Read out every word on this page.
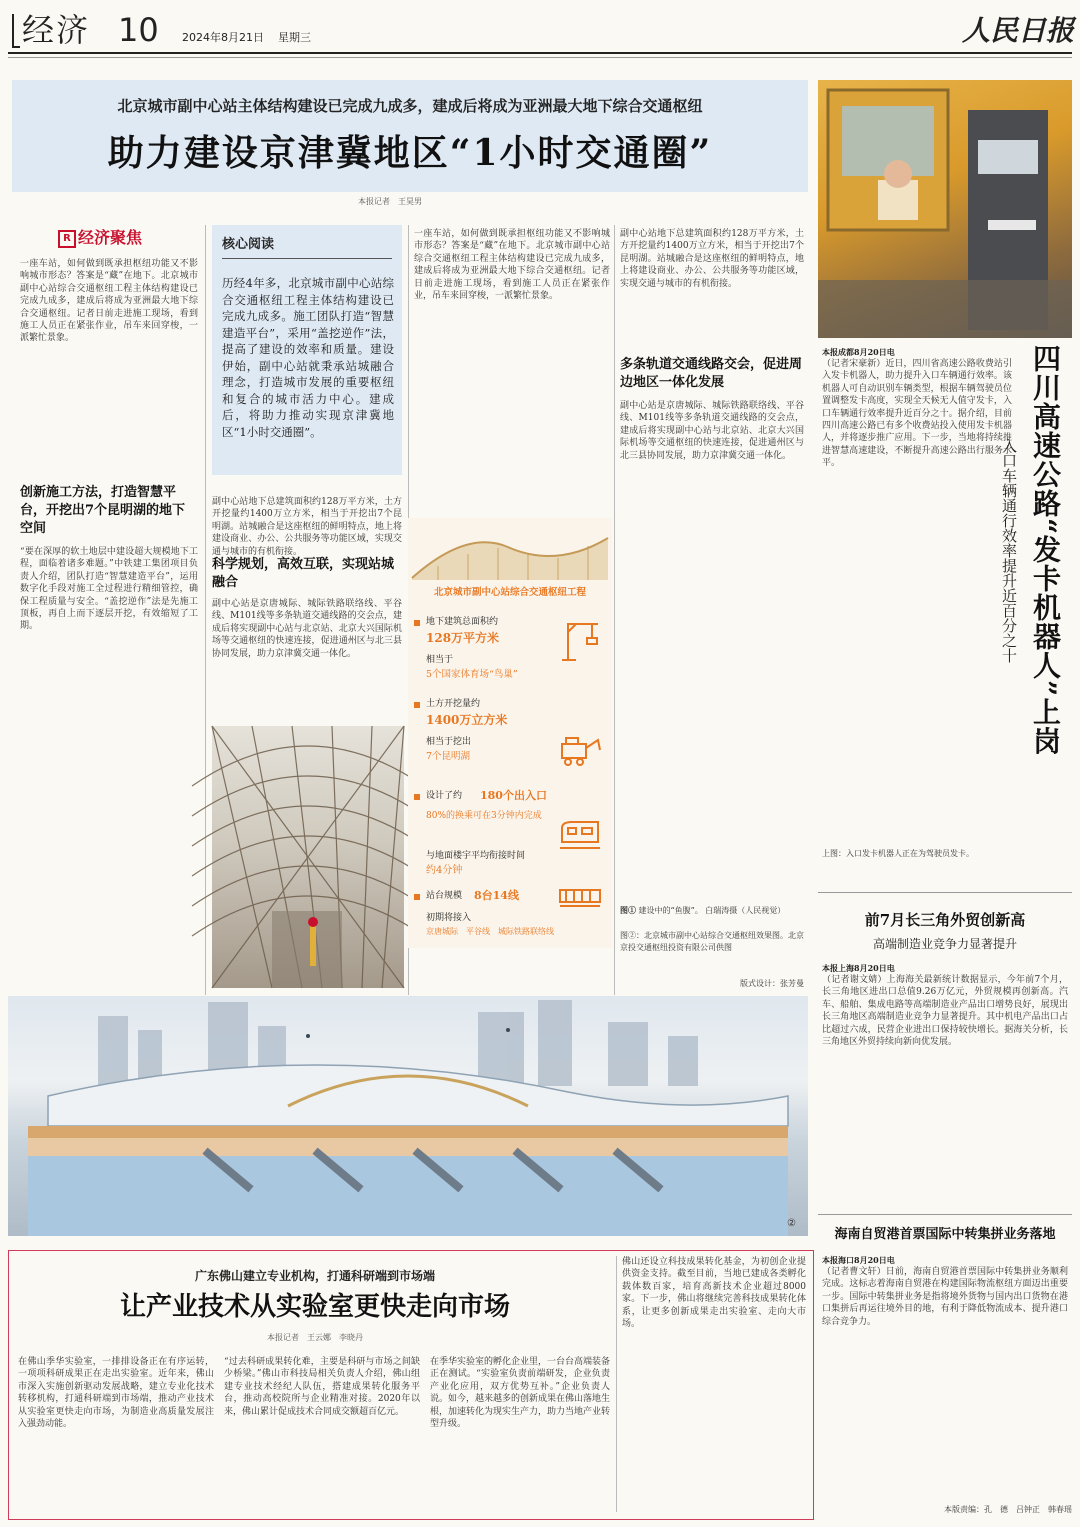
经济 10 2024年8月21日 星期三	人民日报
北京城市副中心站主体结构建设已完成九成多，建成后将成为亚洲最大地下综合交通枢纽
助力建设京津冀地区“1小时交通圈”
本报记者　王昊男
R 经济聚焦
一座车站，如何做到既承担枢纽功能又不影响城市形态？答案是“藏”在地下。北京城市副中心站综合交通枢纽工程主体结构建设已完成九成多，建成后将成为亚洲最大地下综合交通枢纽。记者日前走进施工现场，看到施工人员正在紧张作业，吊车来回穿梭，一派繁忙景象。
创新施工方法，打造智慧平台，开挖出7个昆明湖的地下空间
“要在深厚的软土地层中建设超大规模地下工程，面临着诸多难题。”中铁建工集团项目负责人介绍，团队打造“智慧建造平台”，运用数字化手段对施工全过程进行精细管控，确保工程质量与安全。“盖挖逆作”法是先施工顶板，再自上而下逐层开挖，有效缩短了工期。
核心阅读
历经4年多，北京城市副中心站综合交通枢纽工程主体结构建设已完成九成多。施工团队打造“智慧建造平台”，采用“盖挖逆作”法，提高了建设的效率和质量。建设伊始，副中心站就秉承站城融合理念，打造城市发展的重要枢纽和复合的城市活力中心。建成后，将助力推动实现京津冀地区“1小时交通圈”。
副中心站地下总建筑面积约128万平方米，土方开挖量约1400万立方米，相当于开挖出7个昆明湖。站城融合是这座枢纽的鲜明特点，地上将建设商业、办公、公共服务等功能区域，实现交通与城市的有机衔接。
科学规划，高效互联，实现站城融合
副中心站是京唐城际、城际铁路联络线、平谷线、M101线等多条轨道交通线路的交会点，建成后将实现副中心站与北京站、北京大兴国际机场等交通枢纽的快速连接，促进通州区与北三县协同发展，助力京津冀交通一体化。
一座车站，如何做到既承担枢纽功能又不影响城市形态？答案是“藏”在地下。北京城市副中心站综合交通枢纽工程主体结构建设已完成九成多，建成后将成为亚洲最大地下综合交通枢纽。记者日前走进施工现场，看到施工人员正在紧张作业，吊车来回穿梭，一派繁忙景象。
副中心站地下总建筑面积约128万平方米，土方开挖量约1400万立方米，相当于开挖出7个昆明湖。站城融合是这座枢纽的鲜明特点，地上将建设商业、办公、公共服务等功能区域，实现交通与城市的有机衔接。
多条轨道交通线路交会，促进周边地区一体化发展
副中心站是京唐城际、城际铁路联络线、平谷线、M101线等多条轨道交通线路的交会点，建成后将实现副中心站与北京站、北京大兴国际机场等交通枢纽的快速连接，促进通州区与北三县协同发展，助力京津冀交通一体化。
图① 建设中的“鱼腹”。 白瑞涛摄（人民视觉）
图②：北京城市副中心站综合交通枢纽效果图。北京京投交通枢纽投资有限公司供图
版式设计：张芳曼
北京城市副中心站综合交通枢纽工程
地下建筑总面积约
128万平方米
相当于
5个国家体育场“鸟巢”
土方开挖量约
1400万立方米
相当于挖出
7个昆明湖
设计了约	180个出入口
80%的换乘可在3分钟内完成
与地面楼宇平均衔接时间
约4分钟
站台规模	8台14线
初期将接入
京唐城际　平谷线　城际铁路联络线
②
广东佛山建立专业机构，打通科研端到市场端
让产业技术从实验室更快走向市场
本报记者　王云娜　李晓丹
在佛山季华实验室，一排排设备正在有序运转，一项项科研成果正在走出实验室。近年来，佛山市深入实施创新驱动发展战略，建立专业化技术转移机构，打通科研端到市场端，推动产业技术从实验室更快走向市场，为制造业高质量发展注入强劲动能。
“过去科研成果转化难，主要是科研与市场之间缺少桥梁。”佛山市科技局相关负责人介绍，佛山组建专业技术经纪人队伍，搭建成果转化服务平台，推动高校院所与企业精准对接。2020年以来，佛山累计促成技术合同成交额超百亿元。
在季华实验室的孵化企业里，一台台高端装备正在测试。“实验室负责前端研发，企业负责产业化应用，双方优势互补。”企业负责人说。如今，越来越多的创新成果在佛山落地生根，加速转化为现实生产力，助力当地产业转型升级。
佛山还设立科技成果转化基金，为初创企业提供资金支持。截至目前，当地已建成各类孵化载体数百家，培育高新技术企业超过8000家。下一步，佛山将继续完善科技成果转化体系，让更多创新成果走出实验室、走向大市场。
本报成都8月20日电
（记者宋豪新）近日，四川省高速公路收费站引入发卡机器人，助力提升入口车辆通行效率。该机器人可自动识别车辆类型，根据车辆驾驶员位置调整发卡高度，实现全天候无人值守发卡，入口车辆通行效率提升近百分之十。据介绍，目前四川高速公路已有多个收费站投入使用发卡机器人，并将逐步推广应用。下一步，当地将持续推进智慧高速建设，不断提升高速公路出行服务水平。	四川高速公路“发卡机器人”上岗
入口车辆通行效率提升近百分之十
上图：入口发卡机器人正在为驾驶员发卡。
前7月长三角外贸创新高
高端制造业竞争力显著提升
本报上海8月20日电
（记者谢文婧）上海海关最新统计数据显示，今年前7个月，长三角地区进出口总值9.26万亿元，外贸规模再创新高。汽车、船舶、集成电路等高端制造业产品出口增势良好，展现出长三角地区高端制造业竞争力显著提升。其中机电产品出口占比超过六成，民营企业进出口保持较快增长。据海关分析，长三角地区外贸持续向新向优发展。
海南自贸港首票国际中转集拼业务落地
本报海口8月20日电
（记者曹文轩）日前，海南自贸港首票国际中转集拼业务顺利完成。这标志着海南自贸港在构建国际物流枢纽方面迈出重要一步。国际中转集拼业务是指将境外货物与国内出口货物在港口集拼后再运往境外目的地，有利于降低物流成本、提升港口综合竞争力。
本版责编：孔　德　吕钟正　韩春瑶
